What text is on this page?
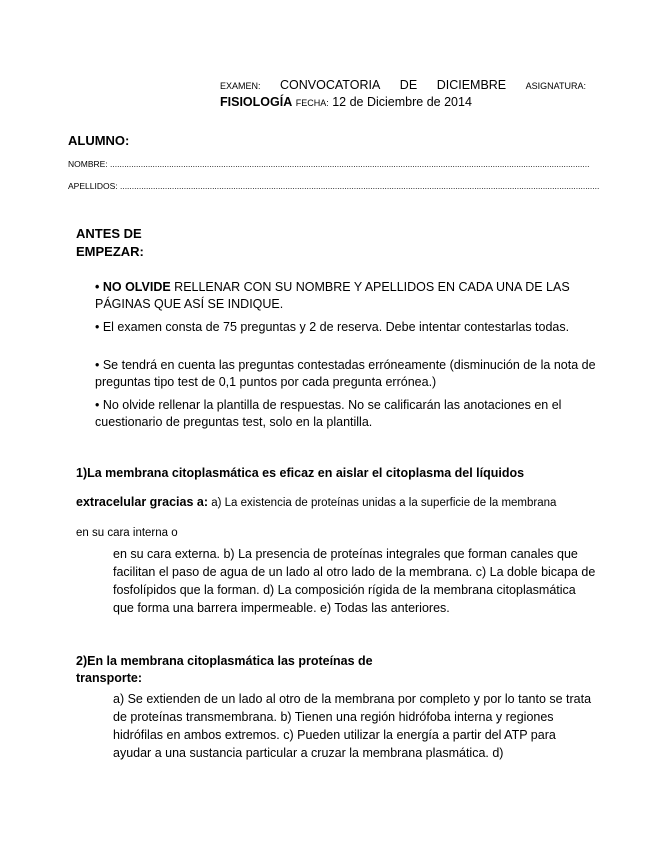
EXAMEN: CONVOCATORIA DE DICIEMBRE ASIGNATURA:
FISIOLOGÍA FECHA: 12 de Diciembre de 2014
ALUMNO:
NOMBRE: ...........................................................................................................................................................................................................
APELLIDOS: ...........................................................................................................................................................................................................
ANTES DE EMPEZAR:
• NO OLVIDE RELLENAR CON SU NOMBRE Y APELLIDOS EN CADA UNA DE LAS PÁGINAS QUE ASÍ SE INDIQUE.
• El examen consta de 75 preguntas y 2 de reserva. Debe intentar contestarlas todas.
• Se tendrá en cuenta las preguntas contestadas erróneamente (disminución de la nota de preguntas tipo test de 0,1 puntos por cada pregunta errónea.)
• No olvide rellenar la plantilla de respuestas. No se calificarán las anotaciones en el cuestionario de preguntas test, solo en la plantilla.
1)La membrana citoplasmática es eficaz en aislar el citoplasma del líquidos
extracelular gracias a: a) La existencia de proteínas unidas a la superficie de la membrana
en su cara interna o
en su cara externa. b) La presencia de proteínas integrales que forman canales que facilitan el paso de agua de un lado al otro lado de la membrana. c) La doble bicapa de fosfolípidos que la forman. d) La composición rígida de la membrana citoplasmática que forma una barrera impermeable. e) Todas las anteriores.
2)En la membrana citoplasmática las proteínas de transporte:
a) Se extienden de un lado al otro de la membrana por completo y por lo tanto se trata de proteínas transmembrana. b) Tienen una región hidrófoba interna y regiones hidrófilas en ambos extremos. c) Pueden utilizar la energía a partir del ATP para ayudar a una sustancia particular a cruzar la membrana plasmática. d)
